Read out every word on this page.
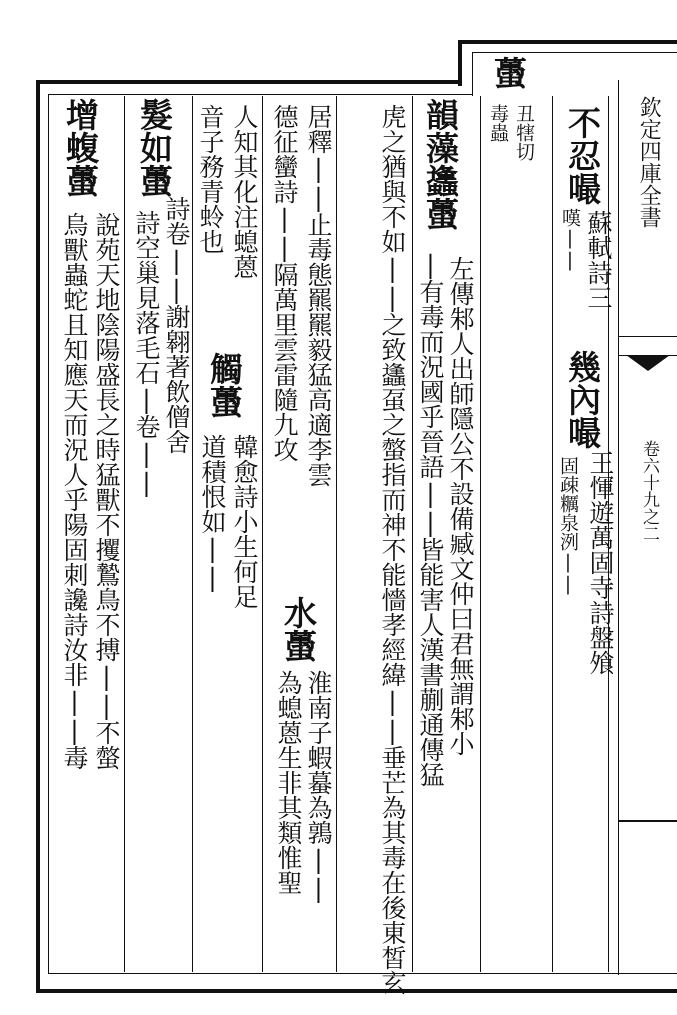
欽定四庫全書
卷六十九之二
不忍嘬
蘇軾詩三
嘆||
幾內嘬
王惲遊萬固寺詩盤飧
固疎糲泉洌||
蠆
丑犗切
毒蟲
|有毒而況國乎晉語||皆能害人漢書蒯通傳猛
虎之猶與不如||之致蠭虿之螫指而神不能懎孝經緯||垂芒為其毒在後東皙玄 韻藻蠭蠆
左傳邾人出師隱公不設備臧文仲曰君無謂邾小
居釋||止毒態羆羆毅猛高適李雲
德征蠻詩||隔萬里雲雷隨九攻
水蠆
淮南子蝦蟇為鶉||
為螅蒽生非其類惟聖
人知其化注螅蒽
觸蠆
韓愈詩小生何足
音子務青蛉也
道積恨如||
髮如蠆
詩卷||謝翱著飲僧舍
詩空巢見落毛石|卷||
增蝮蠆
說苑天地陰陽盛長之時猛獸不攫鷙鳥不搏||不螫
烏獸蟲蛇且知應天而況人乎陽固刺讒詩汝非||毒
